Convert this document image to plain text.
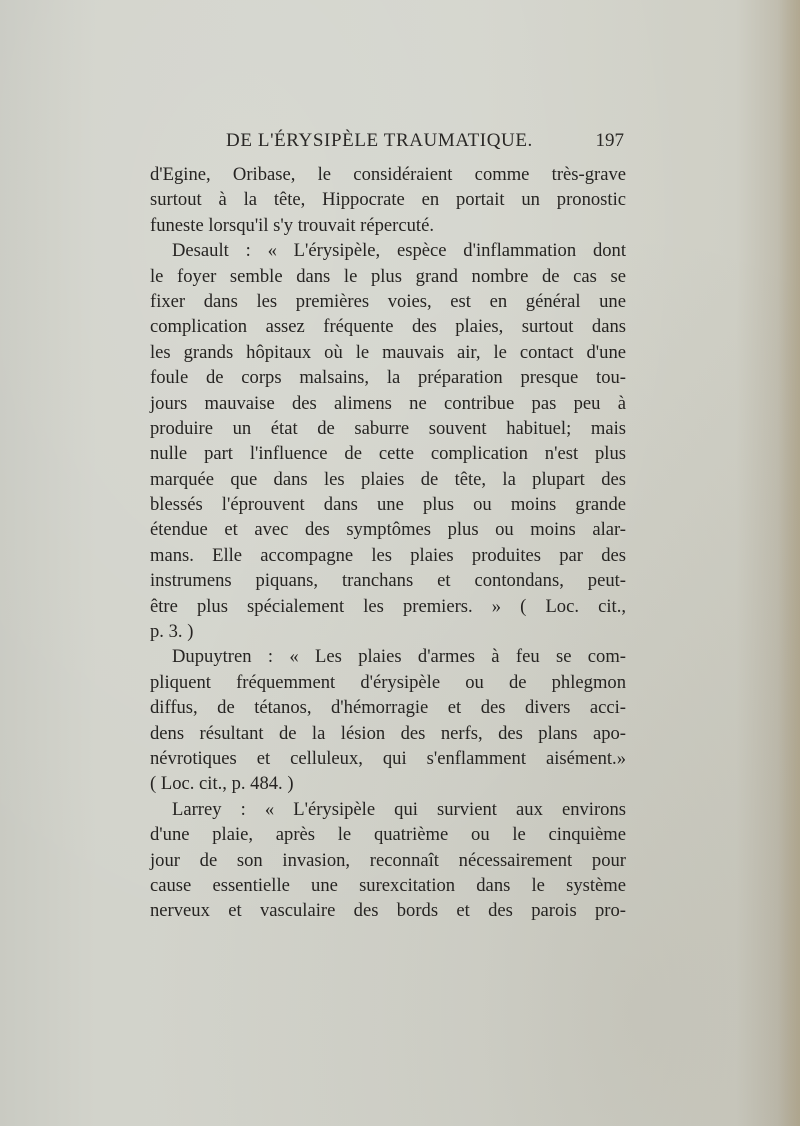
DE L'ÉRYSIPÈLE TRAUMATIQUE.	197
d'Egine, Oribase, le considéraient comme très-grave
surtout à la tête, Hippocrate en portait un pronostic
funeste lorsqu'il s'y trouvait répercuté.
Desault : « L'érysipèle, espèce d'inflammation dont
le foyer semble dans le plus grand nombre de cas se
fixer dans les premières voies, est en général une
complication assez fréquente des plaies, surtout dans
les grands hôpitaux où le mauvais air, le contact d'une
foule de corps malsains, la préparation presque tou-
jours mauvaise des alimens ne contribue pas peu à
produire un état de saburre souvent habituel; mais
nulle part l'influence de cette complication n'est plus
marquée que dans les plaies de tête, la plupart des
blessés l'éprouvent dans une plus ou moins grande
étendue et avec des symptômes plus ou moins alar-
mans. Elle accompagne les plaies produites par des
instrumens piquans, tranchans et contondans, peut-
être plus spécialement les premiers. » ( Loc. cit.,
p. 3. )
Dupuytren : « Les plaies d'armes à feu se com-
pliquent fréquemment d'érysipèle ou de phlegmon
diffus, de tétanos, d'hémorragie et des divers acci-
dens résultant de la lésion des nerfs, des plans apo-
névrotiques et celluleux, qui s'enflamment aisément.»
( Loc. cit., p. 484. )
Larrey : « L'érysipèle qui survient aux environs
d'une plaie, après le quatrième ou le cinquième
jour de son invasion, reconnaît nécessairement pour
cause essentielle une surexcitation dans le système
nerveux et vasculaire des bords et des parois pro-
